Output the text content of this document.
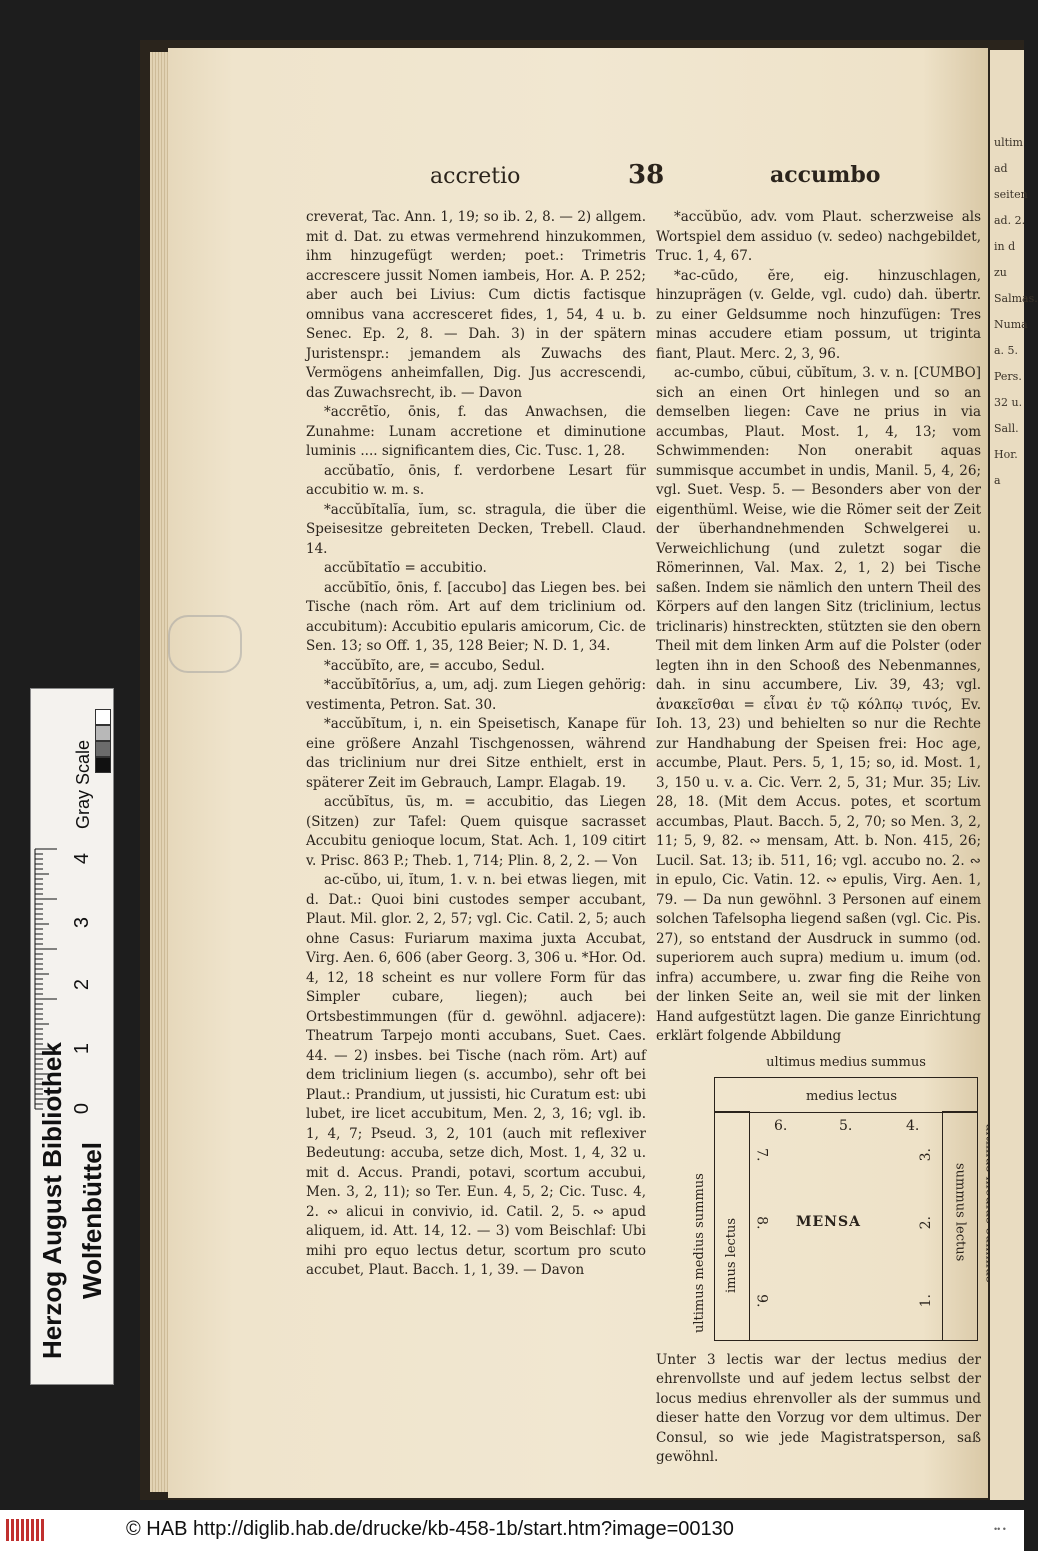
accretio	38	accumbo

creverat, Tac. Ann. 1, 19; so ib. 2, 8. — 2) allgem. mit d. Dat. zu etwas vermehrend hinzukommen, ihm hinzugefügt werden; poet.: Trimetris accrescere jussit Nomen iambeis, Hor. A. P. 252; aber auch bei Livius: Cum dictis factisque omnibus vana accresceret fides, 1, 54, 4 u. b. Senec. Ep. 2, 8. — Dah. 3) in der spätern Juristenspr.: jemandem als Zuwachs des Vermögens anheimfallen, Dig. Jus accrescendi, das Zuwachsrecht, ib. — Davon

*accrētĭo, ōnis, f. das Anwachsen, die Zunahme: Lunam accretione et diminutione luminis .... significantem dies, Cic. Tusc. 1, 28.

accŭbatĭo, ōnis, f. verdorbene Lesart für accubitio w. m. s.

*accŭbĭtalĭa, ĭum, sc. stragula, die über die Speisesitze gebreiteten Decken, Trebell. Claud. 14.

accŭbĭtatĭo = accubitio.

accŭbĭtĭo, ōnis, f. [accubo] das Liegen bes. bei Tische (nach röm. Art auf dem triclinium od. accubitum): Accubitio epularis amicorum, Cic. de Sen. 13; so Off. 1, 35, 128 Beier; N. D. 1, 34.

*accŭbĭto, are, = accubo, Sedul.

*accŭbĭtōrĭus, a, um, adj. zum Liegen gehörig: vestimenta, Petron. Sat. 30.

*accŭbĭtum, i, n. ein Speisetisch, Kanape für eine größere Anzahl Tischgenossen, während das triclinium nur drei Sitze enthielt, erst in späterer Zeit im Gebrauch, Lampr. Elagab. 19.

accŭbĭtus, ūs, m. = accubitio, das Liegen (Sitzen) zur Tafel: Quem quisque sacrasset Accubitu genioque locum, Stat. Ach. 1, 109 citirt v. Prisc. 863 P.; Theb. 1, 714; Plin. 8, 2, 2. — Von

ac-cŭbo, ui, ĭtum, 1. v. n. bei etwas liegen, mit d. Dat.: Quoi bini custodes semper accubant, Plaut. Mil. glor. 2, 2, 57; vgl. Cic. Catil. 2, 5; auch ohne Casus: Furiarum maxima juxta Accubat, Virg. Aen. 6, 606 (aber Georg. 3, 306 u. *Hor. Od. 4, 12, 18 scheint es nur vollere Form für das Simpler cubare, liegen); auch bei Ortsbestimmungen (für d. gewöhnl. adjacere): Theatrum Tarpejo monti accubans, Suet. Caes. 44. — 2) insbes. bei Tische (nach röm. Art) auf dem triclinium liegen (s. accumbo), sehr oft bei Plaut.: Prandium, ut jussisti, hic Curatum est: ubi lubet, ire licet accubitum, Men. 2, 3, 16; vgl. ib. 1, 4, 7; Pseud. 3, 2, 101 (auch mit reflexiver Bedeutung: accuba, setze dich, Most. 1, 4, 32 u. mit d. Accus. Prandi, potavi, scortum accubui, Men. 3, 2, 11); so Ter. Eun. 4, 5, 2; Cic. Tusc. 4, 2. ∾ alicui in convivio, id. Catil. 2, 5. ∾ apud aliquem, id. Att. 14, 12. — 3) vom Beischlaf: Ubi mihi pro equo lectus detur, scortum pro scuto accubet, Plaut. Bacch. 1, 1, 39. — Davon

*accŭbŭo, adv. vom Plaut. scherzweise als Wortspiel dem assiduo (v. sedeo) nachgebildet, Truc. 1, 4, 67.

*ac-cūdo, ĕre, eig. hinzuschlagen, hinzuprägen (v. Gelde, vgl. cudo) dah. übertr. zu einer Geldsumme noch hinzufügen: Tres minas accudere etiam possum, ut triginta fiant, Plaut. Merc. 2, 3, 96.

ac-cumbo, cŭbui, cŭbĭtum, 3. v. n. [CUMBO] sich an einen Ort hinlegen und so an demselben liegen: Cave ne prius in via accumbas, Plaut. Most. 1, 4, 13; vom Schwimmenden: Non onerabit aquas summisque accumbet in undis, Manil. 5, 4, 26; vgl. Suet. Vesp. 5. — Besonders aber von der eigenthüml. Weise, wie die Römer seit der Zeit der überhandnehmenden Schwelgerei u. Verweichlichung (und zuletzt sogar die Römerinnen, Val. Max. 2, 1, 2) bei Tische saßen. Indem sie nämlich den untern Theil des Körpers auf den langen Sitz (triclinium, lectus triclinaris) hinstreckten, stützten sie den obern Theil mit dem linken Arm auf die Polster (oder legten ihn in den Schooß des Nebenmannes, dah. in sinu accumbere, Liv. 39, 43; vgl. ἀνακεῖσθαι = εἶναι ἐν τῷ κόλπῳ τινός, Ev. Ioh. 13, 23) und behielten so nur die Rechte zur Handhabung der Speisen frei: Hoc age, accumbe, Plaut. Pers. 5, 1, 15; so, id. Most. 1, 3, 150 u. v. a. Cic. Verr. 2, 5, 31; Mur. 35; Liv. 28, 18. (Mit dem Accus. potes, et scortum accumbas, Plaut. Bacch. 5, 2, 70; so Men. 3, 2, 11; 5, 9, 82. ∾ mensam, Att. b. Non. 415, 26; Lucil. Sat. 13; ib. 511, 16; vgl. accubo no. 2. ∾ in epulo, Cic. Vatin. 12. ∾ epulis, Virg. Aen. 1, 79. — Da nun gewöhnl. 3 Personen auf einem solchen Tafelsopha liegend saßen (vgl. Cic. Pis. 27), so entstand der Ausdruck in summo (od. superiorem auch supra) medium u. imum (od. infra) accumbere, u. zwar fing die Reihe von der linken Seite an, weil sie mit der linken Hand aufgestützt lagen. Die ganze Einrichtung erklärt folgende Abbildung

ultimus medius summus
medius lectus
imus lectus	summus lectus
ultimus medius summus	MENSA
6.	5.	4.
7.
8.
9.
3.
2.
1.

Unter 3 lectis war der lectus medius der ehrenvollste und auf jedem lectus selbst der locus medius ehrenvoller als der summus und dieser hatte den Vorzug vor dem ultimus. Der Consul, so wie jede Magistratsperson, saß gewöhnl.

ultim
ad
seiten
ad. 2.
in d
zu
Salmas.
Numa
a. 5.
Pers.
32 u.
Sall.
Hor.
a
Gray Scale
0
1
2
3
4
Herzog August Bibliothek Wolfenbüttel
© HAB http://diglib.hab.de/drucke/kb-458-1b/start.htm?image=00130	•• •
